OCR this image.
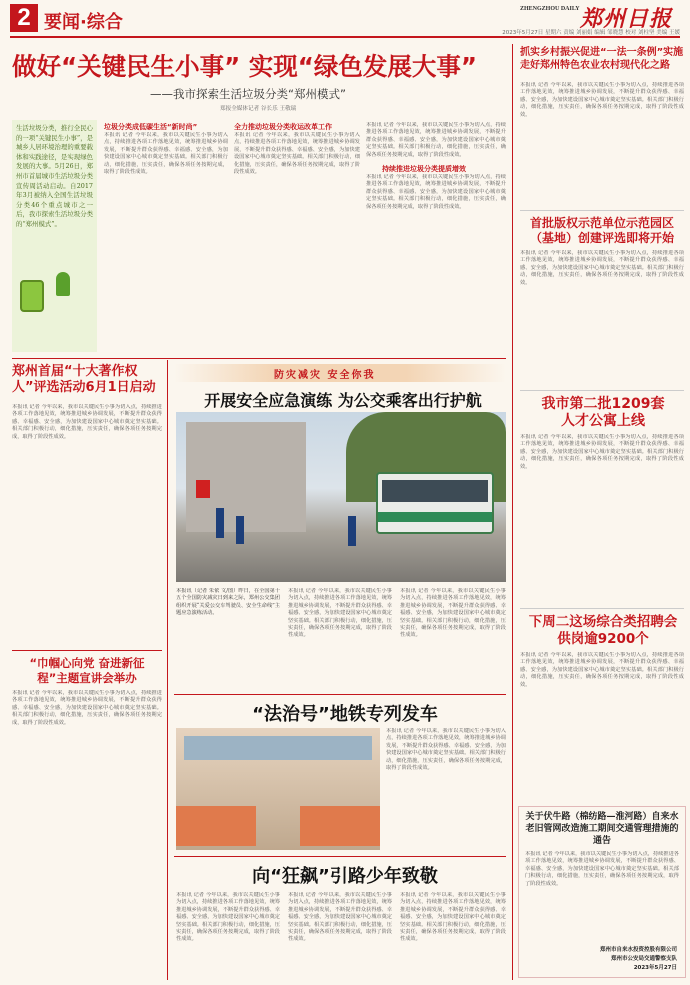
2 要闻·综合
ZHENGZHOU DAILY 郑州日报
2023年5月27日 星期六 责编 刘丽娟 编辑 邹晓慧 校对 刘柱坚 美编 王媛
做好“关键民生小事” 实现“绿色发展大事”
——我市探索生活垃圾分类“郑州模式”
郑报全媒体记者 谷长乐 王敬瑞
生活垃圾分类，推行全民心的一项“关键民生小事”，是城乡人居环境治理的重要载体和实践途径，是实现绿色发展的大事。5月26日，郑州市首届城市生活垃圾分类宣传周活动启动。自2017年3月被纳入全国生活垃圾分类46个重点城市之一后，我市探索生活垃圾分类的“郑州模式”。
垃圾分类成低碳生活“新时尚”
本报讯 记者 今年以来，我市以关键民生小事为切入点，持续推进各项工作落地见效，统筹推进城乡协调发展，不断提升群众获得感、幸福感、安全感，为加快建设国家中心城市奠定坚实基础。相关部门积极行动，细化措施，压实责任，确保各项任务按期完成，取得了阶段性成效。
全力推动垃圾分类收运改革工作
本报讯 记者 今年以来，我市以关键民生小事为切入点，持续推进各项工作落地见效，统筹推进城乡协调发展，不断提升群众获得感、幸福感、安全感，为加快建设国家中心城市奠定坚实基础。相关部门积极行动，细化措施，压实责任，确保各项任务按期完成，取得了阶段性成效。
本报讯 记者 今年以来，我市以关键民生小事为切入点，持续推进各项工作落地见效，统筹推进城乡协调发展，不断提升群众获得感、幸福感、安全感，为加快建设国家中心城市奠定坚实基础。相关部门积极行动，细化措施，压实责任，确保各项任务按期完成，取得了阶段性成效。
持续推进垃圾分类提质增效
本报讯 记者 今年以来，我市以关键民生小事为切入点，持续推进各项工作落地见效，统筹推进城乡协调发展，不断提升群众获得感、幸福感、安全感，为加快建设国家中心城市奠定坚实基础。相关部门积极行动，细化措施，压实责任，确保各项任务按期完成，取得了阶段性成效。
抓实乡村振兴促进“一法一条例”实施 走好郑州特色农业农村现代化之路
本报讯 记者 今年以来，我市以关键民生小事为切入点，持续推进各项工作落地见效，统筹推进城乡协调发展，不断提升群众获得感、幸福感、安全感，为加快建设国家中心城市奠定坚实基础。相关部门积极行动，细化措施，压实责任，确保各项任务按期完成，取得了阶段性成效。
首批版权示范单位示范园区（基地）创建评选即将开始
本报讯 记者 今年以来，我市以关键民生小事为切入点，持续推进各项工作落地见效，统筹推进城乡协调发展，不断提升群众获得感、幸福感、安全感，为加快建设国家中心城市奠定坚实基础。相关部门积极行动，细化措施，压实责任，确保各项任务按期完成，取得了阶段性成效。
我市第二批1209套人才公寓上线
本报讯 记者 今年以来，我市以关键民生小事为切入点，持续推进各项工作落地见效，统筹推进城乡协调发展，不断提升群众获得感、幸福感、安全感，为加快建设国家中心城市奠定坚实基础。相关部门积极行动，细化措施，压实责任，确保各项任务按期完成，取得了阶段性成效。
下周二这场综合类招聘会供岗逾9200个
本报讯 记者 今年以来，我市以关键民生小事为切入点，持续推进各项工作落地见效，统筹推进城乡协调发展，不断提升群众获得感、幸福感、安全感，为加快建设国家中心城市奠定坚实基础。相关部门积极行动，细化措施，压实责任，确保各项任务按期完成，取得了阶段性成效。
关于伏牛路（棉纺路—淮河路）自来水老旧管网改造施工期间交通管理措施的通告
本报讯 记者 今年以来，我市以关键民生小事为切入点，持续推进各项工作落地见效，统筹推进城乡协调发展，不断提升群众获得感、幸福感、安全感，为加快建设国家中心城市奠定坚实基础。相关部门积极行动，细化措施，压实责任，确保各项任务按期完成，取得了阶段性成效。
郑州市自来水投资控股有限公司
郑州市公安局交通警察支队
2023年5月27日
郑州首届“十大著作权人”评选活动6月1日启动
本报讯 记者 今年以来，我市以关键民生小事为切入点，持续推进各项工作落地见效，统筹推进城乡协调发展，不断提升群众获得感、幸福感、安全感，为加快建设国家中心城市奠定坚实基础。相关部门积极行动，细化措施，压实责任，确保各项任务按期完成，取得了阶段性成效。
“巾帼心向党 奋进新征程”主题宣讲会举办
本报讯 记者 今年以来，我市以关键民生小事为切入点，持续推进各项工作落地见效，统筹推进城乡协调发展，不断提升群众获得感、幸福感、安全感，为加快建设国家中心城市奠定坚实基础。相关部门积极行动，细化措施，压实责任，确保各项任务按期完成，取得了阶段性成效。
防灾减灾 安全你我
开展安全应急演练 为公交乘客出行护航
本报讯（记者 朱依 文/图）昨日，在全国第十五个全国防灾减灾日到来之际，郑州公交集团组织开展“关爱公交车驾驶员、安全生命线”主题应急演练活动。
本报讯 记者 今年以来，我市以关键民生小事为切入点，持续推进各项工作落地见效，统筹推进城乡协调发展，不断提升群众获得感、幸福感、安全感，为加快建设国家中心城市奠定坚实基础。相关部门积极行动，细化措施，压实责任，确保各项任务按期完成，取得了阶段性成效。
本报讯 记者 今年以来，我市以关键民生小事为切入点，持续推进各项工作落地见效，统筹推进城乡协调发展，不断提升群众获得感、幸福感、安全感，为加快建设国家中心城市奠定坚实基础。相关部门积极行动，细化措施，压实责任，确保各项任务按期完成，取得了阶段性成效。
“法治号”地铁专列发车
本报讯 记者 今年以来，我市以关键民生小事为切入点，持续推进各项工作落地见效，统筹推进城乡协调发展，不断提升群众获得感、幸福感、安全感，为加快建设国家中心城市奠定坚实基础。相关部门积极行动，细化措施，压实责任，确保各项任务按期完成，取得了阶段性成效。
向“狂飙”引路少年致敬
本报讯 记者 今年以来，我市以关键民生小事为切入点，持续推进各项工作落地见效，统筹推进城乡协调发展，不断提升群众获得感、幸福感、安全感，为加快建设国家中心城市奠定坚实基础。相关部门积极行动，细化措施，压实责任，确保各项任务按期完成，取得了阶段性成效。
本报讯 记者 今年以来，我市以关键民生小事为切入点，持续推进各项工作落地见效，统筹推进城乡协调发展，不断提升群众获得感、幸福感、安全感，为加快建设国家中心城市奠定坚实基础。相关部门积极行动，细化措施，压实责任，确保各项任务按期完成，取得了阶段性成效。
本报讯 记者 今年以来，我市以关键民生小事为切入点，持续推进各项工作落地见效，统筹推进城乡协调发展，不断提升群众获得感、幸福感、安全感，为加快建设国家中心城市奠定坚实基础。相关部门积极行动，细化措施，压实责任，确保各项任务按期完成，取得了阶段性成效。
